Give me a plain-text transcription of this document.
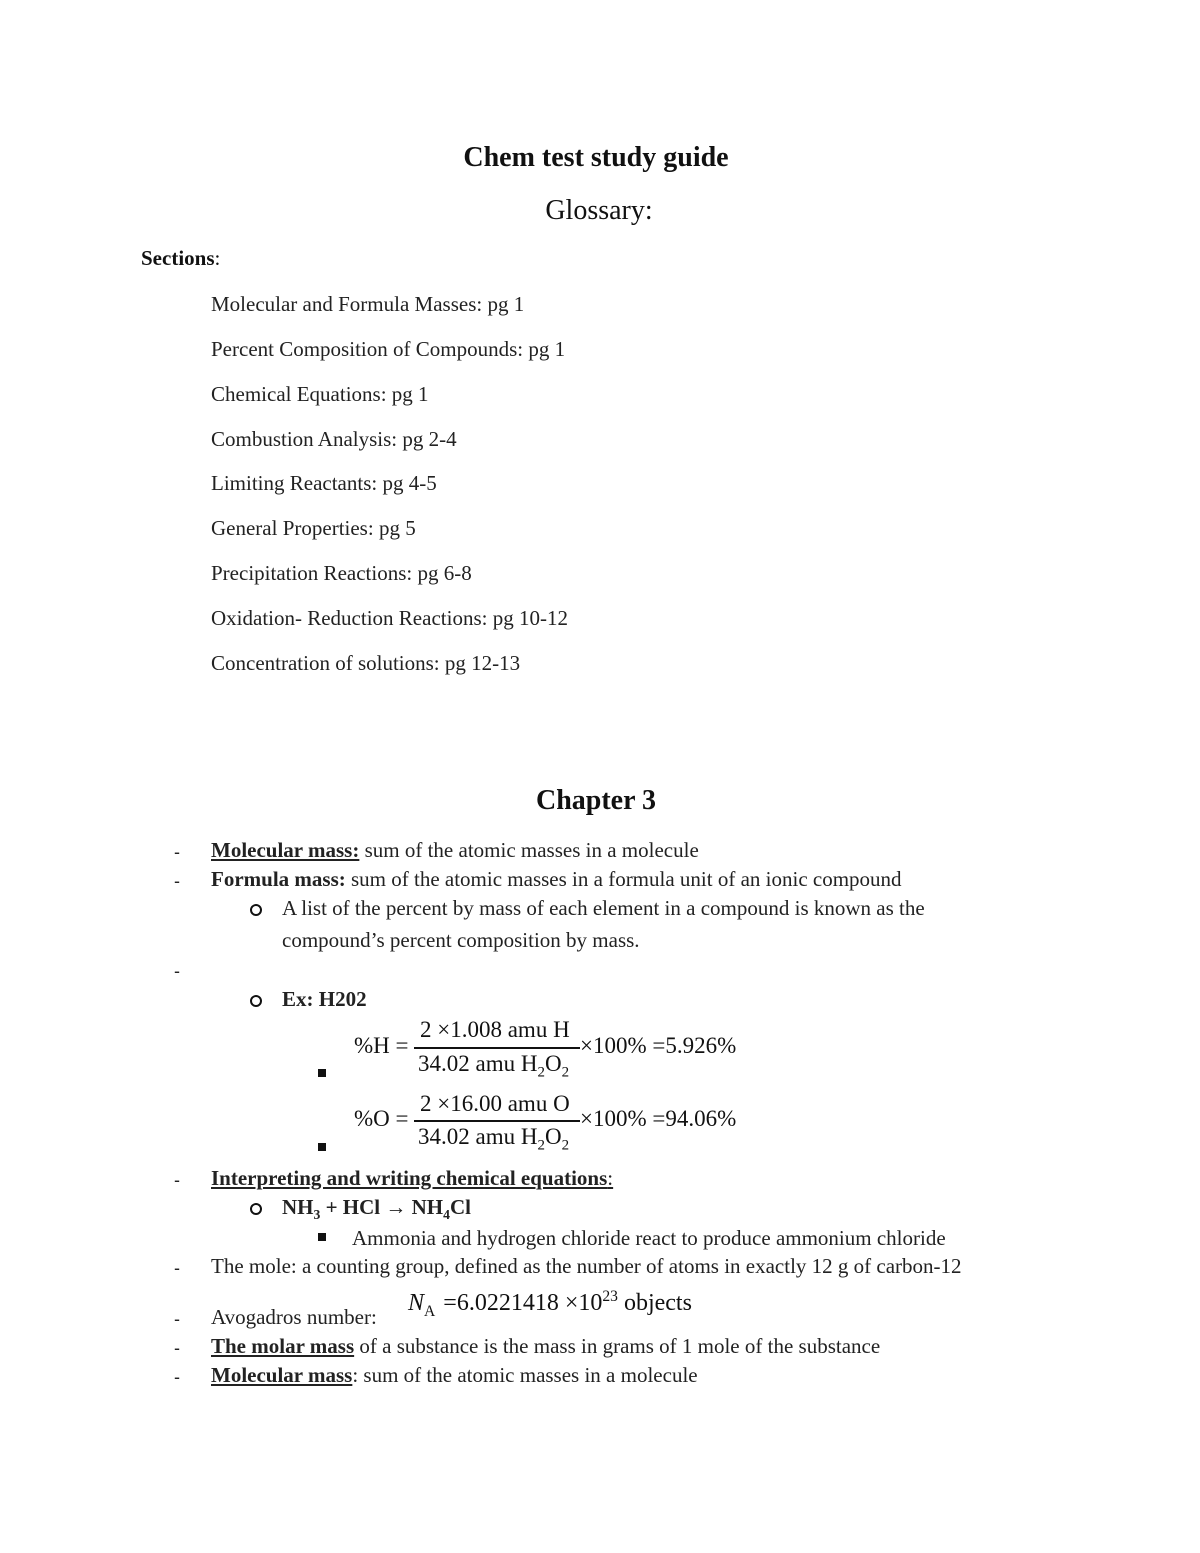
Chem test study guide
Glossary:
Sections:
Molecular and Formula Masses: pg 1
Percent Composition of Compounds: pg 1
Chemical Equations: pg 1
Combustion Analysis: pg 2-4
Limiting Reactants: pg 4-5
General Properties: pg 5
Precipitation Reactions: pg 6-8
Oxidation- Reduction Reactions: pg 10-12
Concentration of solutions: pg 12-13
Chapter 3
- Molecular mass: sum of the atomic masses in a molecule
- Formula mass: sum of the atomic masses in a formula unit of an ionic compound
A list of the percent by mass of each element in a compound is known as the
compound’s percent composition by mass.
-
Ex: H202
%H =
2 ×1.008 amu H
34.02 amu $H_2O_2$
×100% =5.926%
%O =
2 ×16.00 amu O
34.02 amu $H_2O_2$
×100% =94.06%
- Interpreting and writing chemical equations:
$NH_3$ + HCl → $NH_4Cl$
Ammonia and hydrogen chloride react to produce ammonium chloride
- The mole: a counting group, defined as the number of atoms in exactly 12 g of carbon-12
- Avogadros number:
$N_A =6.0221418 \times 10^{23}$ objects
- The molar mass of a substance is the mass in grams of 1 mole of the substance
- Molecular mass: sum of the atomic masses in a molecule
